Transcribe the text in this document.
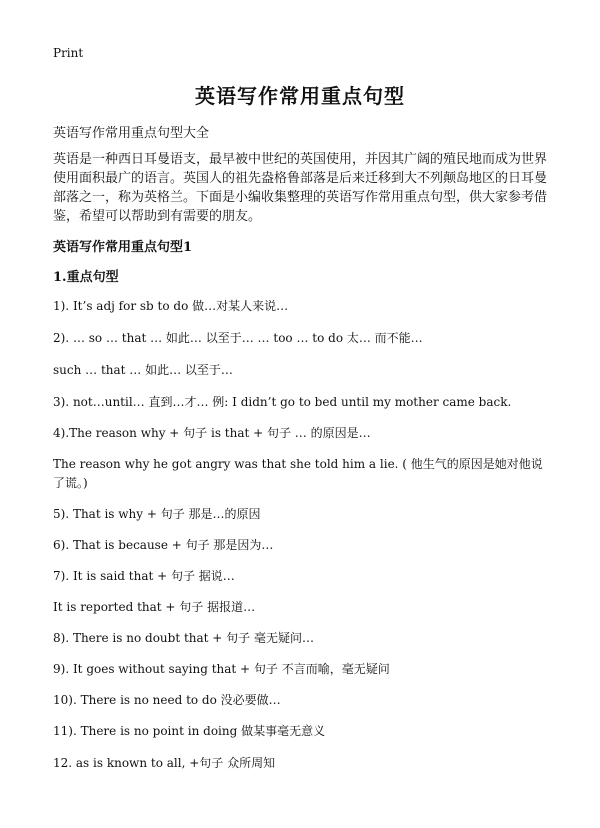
Print
英语写作常用重点句型
英语写作常用重点句型大全
英语是一种西日耳曼语支，最早被中世纪的英国使用，并因其广阔的殖民地而成为世界使用面积最广的语言。英国人的祖先盎格鲁部落是后来迁移到大不列颠岛地区的日耳曼部落之一，称为英格兰。下面是小编收集整理的英语写作常用重点句型，供大家参考借鉴，希望可以帮助到有需要的朋友。
英语写作常用重点句型1
1.重点句型
1). It’s adj for sb to do 做…对某人来说…
2). … so … that … 如此… 以至于… … too … to do 太… 而不能…
such … that … 如此… 以至于…
3). not…until… 直到…才… 例: I didn’t go to bed until my mother came back.
4).The reason why + 句子 is that + 句子 … 的原因是…
The reason why he got angry was that she told him a lie. ( 他生气的原因是她对他说了谎。)
5). That is why + 句子 那是…的原因
6). That is because + 句子 那是因为…
7). It is said that + 句子 据说…
It is reported that + 句子 据报道…
8). There is no doubt that + 句子 毫无疑问…
9). It goes without saying that + 句子 不言而喻，毫无疑问
10). There is no need to do 没必要做…
11). There is no point in doing 做某事毫无意义
12. as is known to all, +句子 众所周知
